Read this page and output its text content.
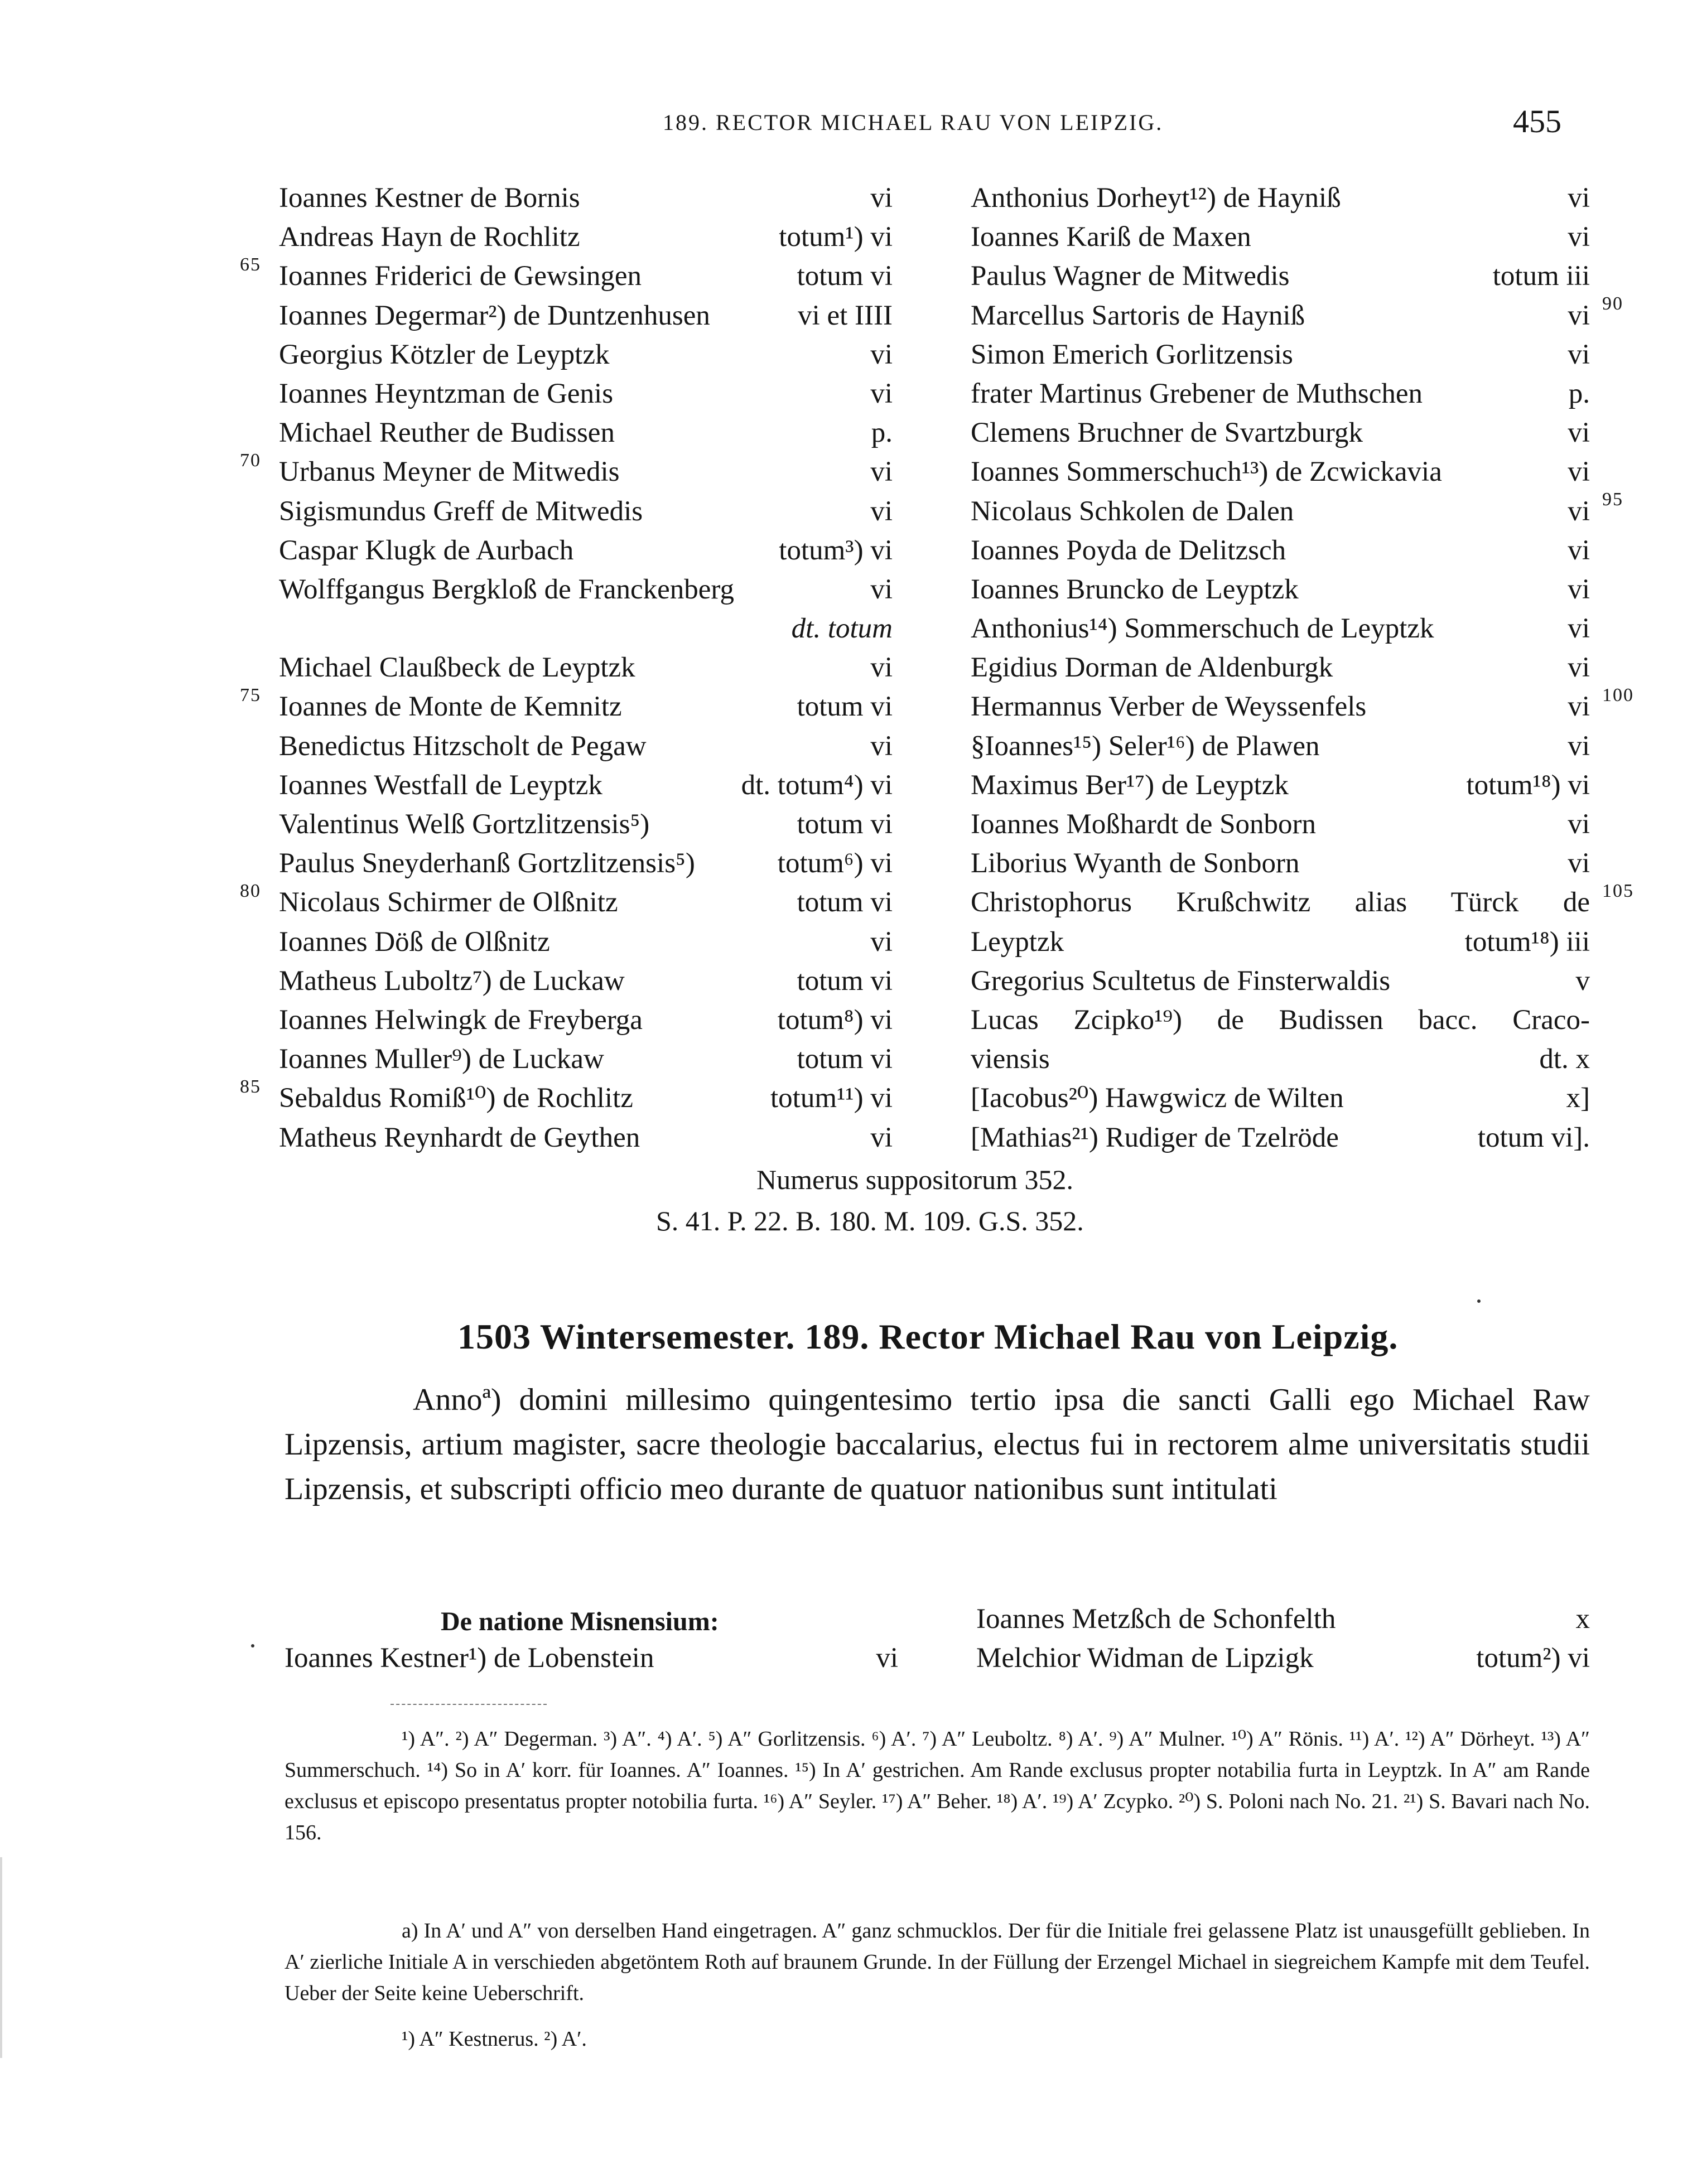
189. RECTOR MICHAEL RAU VON LEIPZIG.	455
Ioannes Kestner de Bornis	vi
Andreas Hayn de Rochlitz	totum¹) vi
Ioannes Friderici de Gewsingen	totum vi
Ioannes Degermar²) de Duntzenhusen	vi et IIII
Georgius Kötzler de Leyptzk	vi
Ioannes Heyntzman de Genis	vi
Michael Reuther de Budissen	p.
Urbanus Meyner de Mitwedis	vi
Sigismundus Greff de Mitwedis	vi
Caspar Klugk de Aurbach	totum³) vi
Wolffgangus Bergkloß de Franckenberg	vi
dt. totum
Michael Claußbeck de Leyptzk	vi
Ioannes de Monte de Kemnitz	totum vi
Benedictus Hitzscholt de Pegaw	vi
Ioannes Westfall de Leyptzk	dt. totum⁴) vi
Valentinus Welß Gortzlitzensis⁵)	totum vi
Paulus Sneyderhanß Gortzlitzensis⁵)	totum⁶) vi
Nicolaus Schirmer de Olßnitz	totum vi
Ioannes Döß de Olßnitz	vi
Matheus Luboltz⁷) de Luckaw	totum vi
Ioannes Helwingk de Freyberga	totum⁸) vi
Ioannes Muller⁹) de Luckaw	totum vi
Sebaldus Romiß¹⁰) de Rochlitz	totum¹¹) vi
Matheus Reynhardt de Geythen	vi
Anthonius Dorheyt¹²) de Hayniß	vi
Ioannes Kariß de Maxen	vi
Paulus Wagner de Mitwedis	totum iii
Marcellus Sartoris de Hayniß	vi
Simon Emerich Gorlitzensis	vi
frater Martinus Grebener de Muthschen	p.
Clemens Bruchner de Svartzburgk	vi
Ioannes Sommerschuch¹³) de Zcwickavia	vi
Nicolaus Schkolen de Dalen	vi
Ioannes Poyda de Delitzsch	vi
Ioannes Bruncko de Leyptzk	vi
Anthonius¹⁴) Sommerschuch de Leyptzk	vi
Egidius Dorman de Aldenburgk	vi
Hermannus Verber de Weyssenfels	vi
§Ioannes¹⁵) Seler¹⁶) de Plawen	vi
Maximus Ber¹⁷) de Leyptzk	totum¹⁸) vi
Ioannes Moßhardt de Sonborn	vi
Liborius Wyanth de Sonborn	vi
Christophorus Krußchwitz alias Türck de
Leyptzk	totum¹⁸) iii
Gregorius Scultetus de Finsterwaldis	v
Lucas Zcipko¹⁹) de Budissen bacc. Craco-
viensis	dt. x
[Iacobus²⁰) Hawgwicz de Wilten	x]
[Mathias²¹) Rudiger de Tzelröde	totum vi].
65
70
75
80
85
90
95
100
105
Numerus suppositorum 352.
S. 41. P. 22. B. 180. M. 109. G.S. 352.
1503 Wintersemester. 189. Rector Michael Rau von Leipzig.
Annoª) domini millesimo quingentesimo tertio ipsa die sancti Galli ego Michael Raw Lipzensis, artium magister, sacre theologie baccalarius, electus fui in rectorem alme universitatis studii Lipzensis, et subscripti officio meo durante de quatuor nationibus sunt intitulati
De natione Misnensium:
Ioannes Kestner¹) de Lobenstein	vi
Ioannes Metzßch de Schonfelth	x
Melchior Widman de Lipzigk	totum²) vi
¹) A″. ²) A″ Degerman. ³) A″. ⁴) A′. ⁵) A″ Gorlitzensis. ⁶) A′. ⁷) A″ Leuboltz. ⁸) A′. ⁹) A″ Mulner. ¹⁰) A″ Rönis. ¹¹) A′. ¹²) A″ Dörheyt. ¹³) A″ Summerschuch. ¹⁴) So in A′ korr. für Ioannes. A″ Ioannes. ¹⁵) In A′ gestrichen. Am Rande exclusus propter notabilia furta in Leyptzk. In A″ am Rande exclusus et episcopo presentatus propter notobilia furta. ¹⁶) A″ Seyler. ¹⁷) A″ Beher. ¹⁸) A′. ¹⁹) A′ Zcypko. ²⁰) S. Poloni nach No. 21. ²¹) S. Bavari nach No. 156.
a) In A′ und A″ von derselben Hand eingetragen. A″ ganz schmucklos. Der für die Initiale frei gelassene Platz ist unausgefüllt geblieben. In A′ zierliche Initiale A in verschieden abgetöntem Roth auf braunem Grunde. In der Füllung der Erzengel Michael in siegreichem Kampfe mit dem Teufel. Ueber der Seite keine Ueberschrift.
¹) A″ Kestnerus. ²) A′.
